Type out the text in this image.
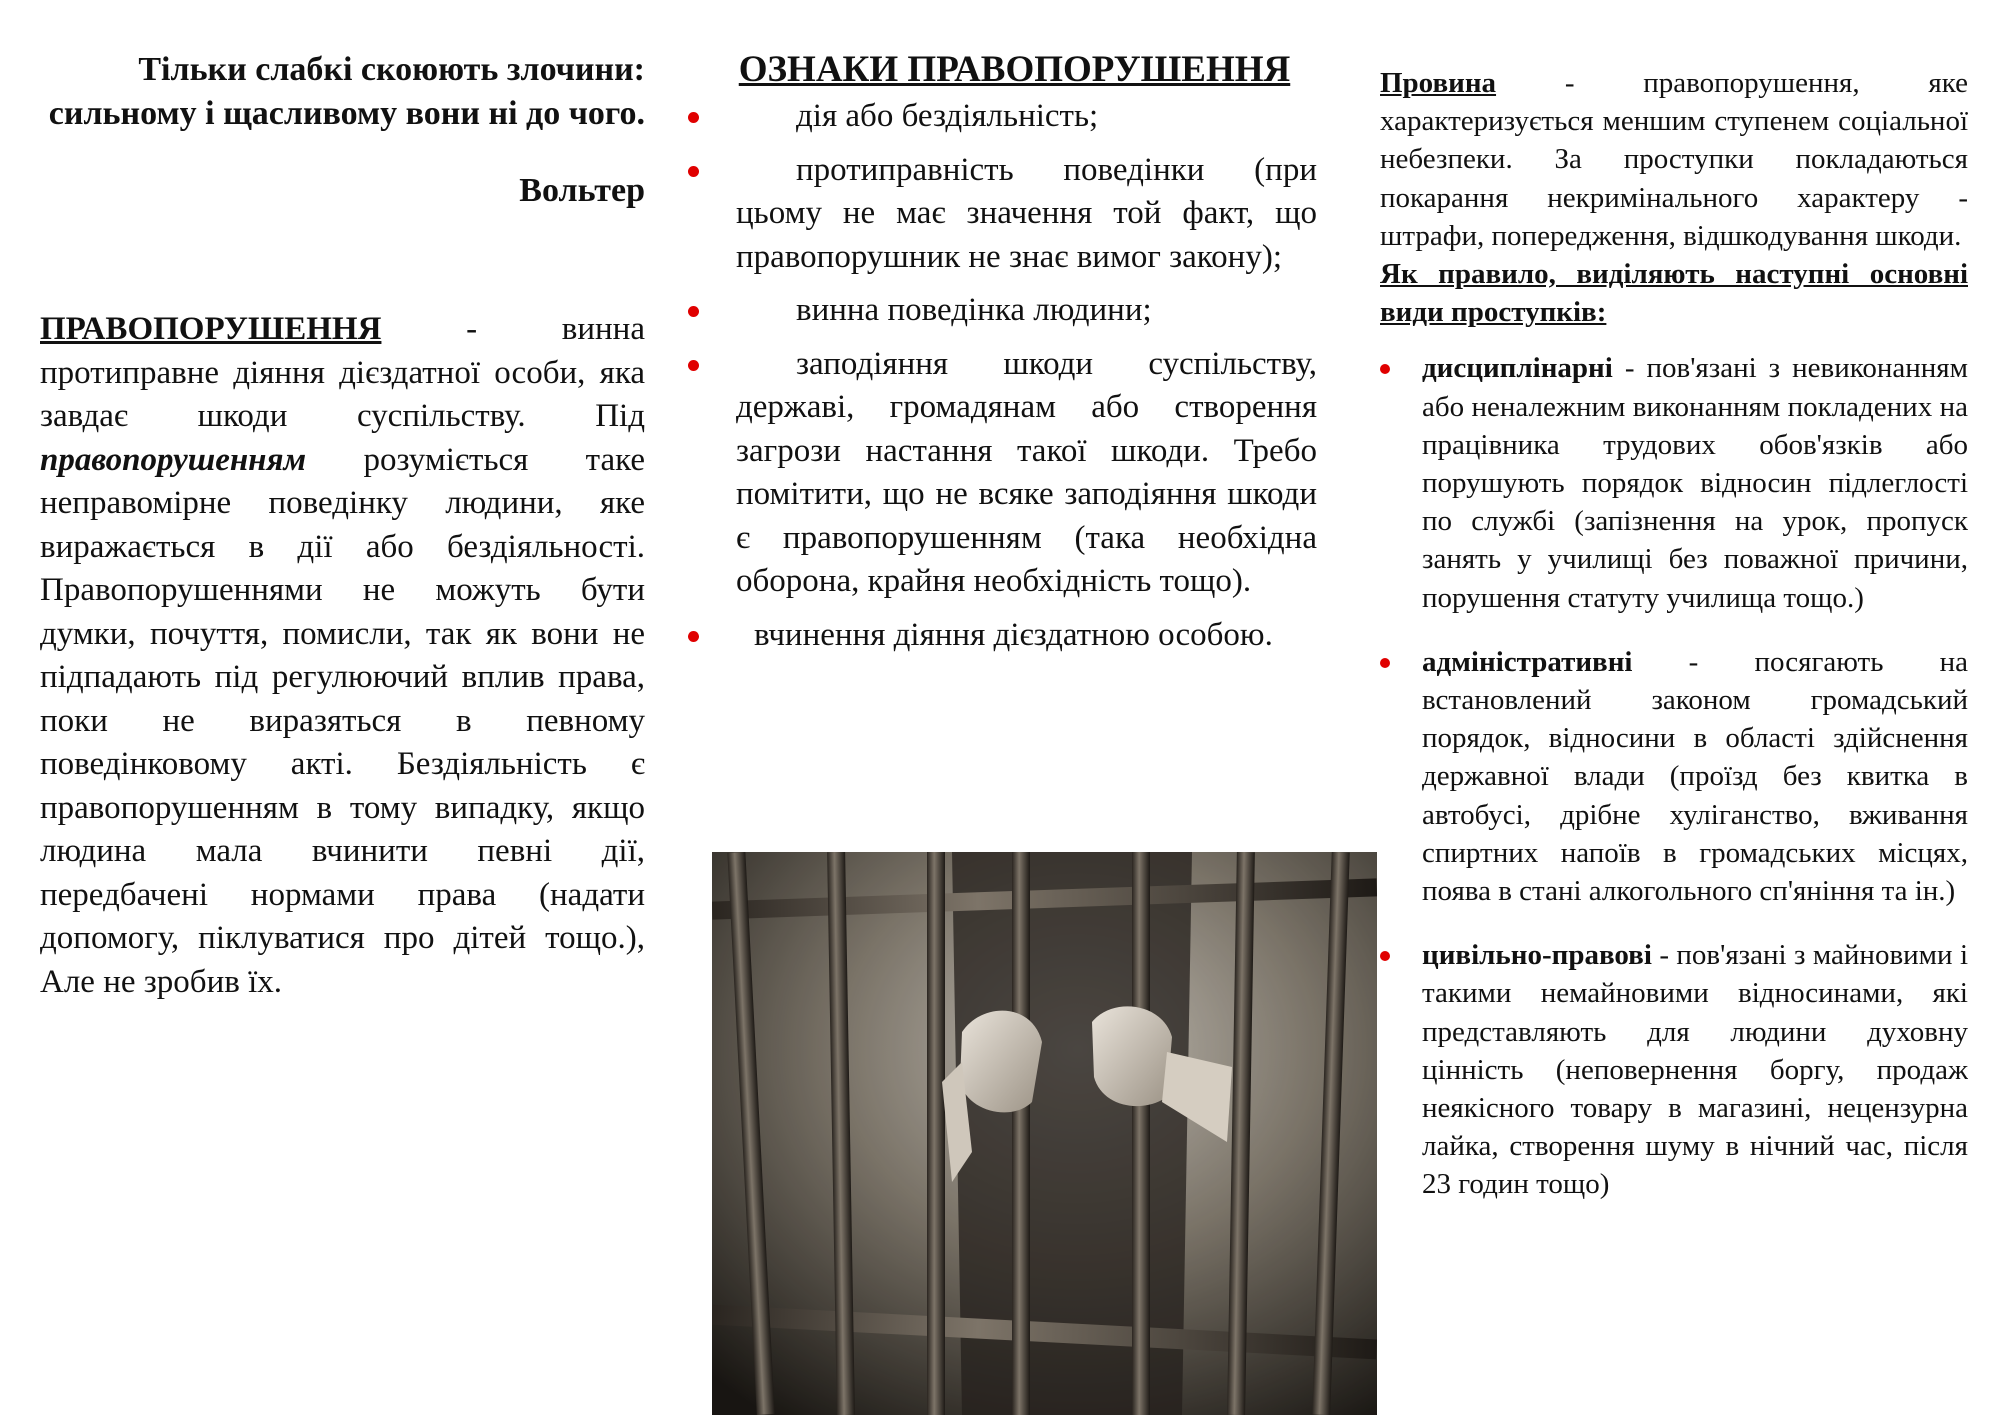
Тільки слабкі скоюють злочини: сильному і щасливому вони ні до чого.
Вольтер

ПРАВОПОРУШЕННЯ - винна протиправне діяння дієздатної особи, яка завдає шкоди суспільству. Під правопорушенням розуміється таке неправомірне поведінку людини, яке виражається в дії або бездіяльності. Правопорушеннями не можуть бути думки, почуття, помисли, так як вони не підпадають під регулюючий вплив права, поки не виразяться в певному поведінковому акті. Бездіяльність є правопорушенням в тому випадку, якщо людина мала вчинити певні дії, передбачені нормами права (надати допомогу, піклуватися про дітей тощо.), Але не зробив їх.

ОЗНАКИ ПРАВОПОРУШЕННЯ
дія або бездіяльність;
протиправність поведінки (при цьому не має значення той факт, що правопорушник не знає вимог закону);
винна поведінка людини;
заподіяння шкоди суспільству, державі, громадянам або створення загрози настання такої шкоди. Требо помітити, що не всяке заподіяння шкоди є правопорушенням (така необхідна оборона, крайня необхідність тощо).
вчинення діяння дієздатною особою.

Провина - правопорушення, яке характеризується меншим ступенем соціальної небезпеки. За проступки покладаються покарання некримінального характеру - штрафи, попередження, відшкодування шкоди.
Як правило, виділяють наступні основні види проступків:

дисциплінарні - пов'язані з невиконанням або неналежним виконанням покладених на працівника трудових обов'язків або порушують порядок відносин підлеглості по службі (запізнення на урок, пропуск занять у училищі без поважної причини, порушення статуту училища тощо.)
адміністративні - посягають на встановлений законом громадський порядок, відносини в області здійснення державної влади (проїзд без квитка в автобусі, дрібне хуліганство, вживання спиртних напоїв в громадських місцях, поява в стані алкогольного сп'яніння та ін.)
цивільно-правові - пов'язані з майновими і такими немайновими відносинами, які представляють для людини духовну цінність (неповернення боргу, продаж неякісного товару в магазині, нецензурна лайка, створення шуму в нічний час, після 23 годин тощо)
